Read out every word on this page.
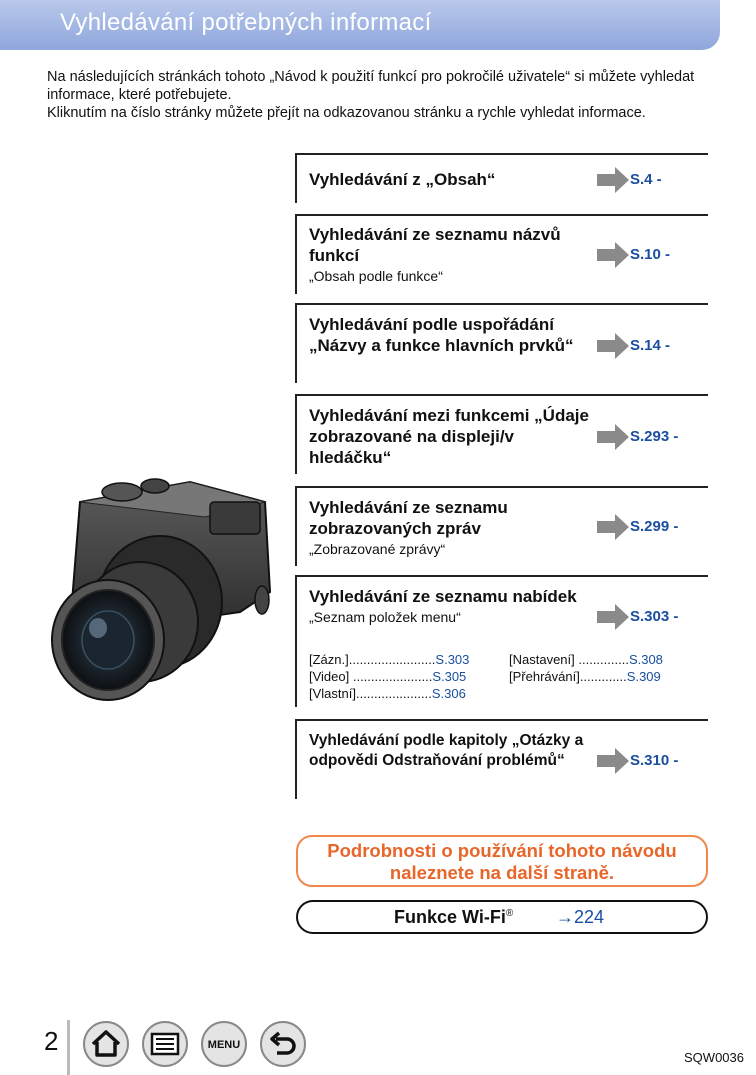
Vyhledávání potřebných informací

Na následujících stránkách tohoto „Návod k použití funkcí pro pokročilé uživatele“ si můžete vyhledat informace, které potřebujete.

Kliknutím na číslo stránky můžete přejít na odkazovanou stránku a rychle vyhledat informace.

Vyhledávání z „Obsah“	S.4 -
Vyhledávání ze seznamu názvů funkcí
„Obsah podle funkce“
S.10 -
Vyhledávání podle uspořádání „Názvy a funkce hlavních prvků“	S.14 -
Vyhledávání mezi funkcemi „Údaje zobrazované na displeji/v hledáčku“
S.293 -
Vyhledávání ze seznamu zobrazovaných zpráv
„Zobrazované zprávy“
S.299 -
Vyhledávání ze seznamu nabídek
„Seznam položek menu“	S.303 -
[Zázn.]........................S.303
[Video] ......................S.305
[Vlastní].....................S.306
[Nastavení] ..............S.308
[Přehrávání].............S.309
Vyhledávání podle kapitoly „Otázky a odpovědi Odstraňování problémů“	S.310 -
Podrobnosti o používání tohoto návodu naleznete na další straně.
Funkce Wi-Fi® →224
2	MENU
SQW0036
